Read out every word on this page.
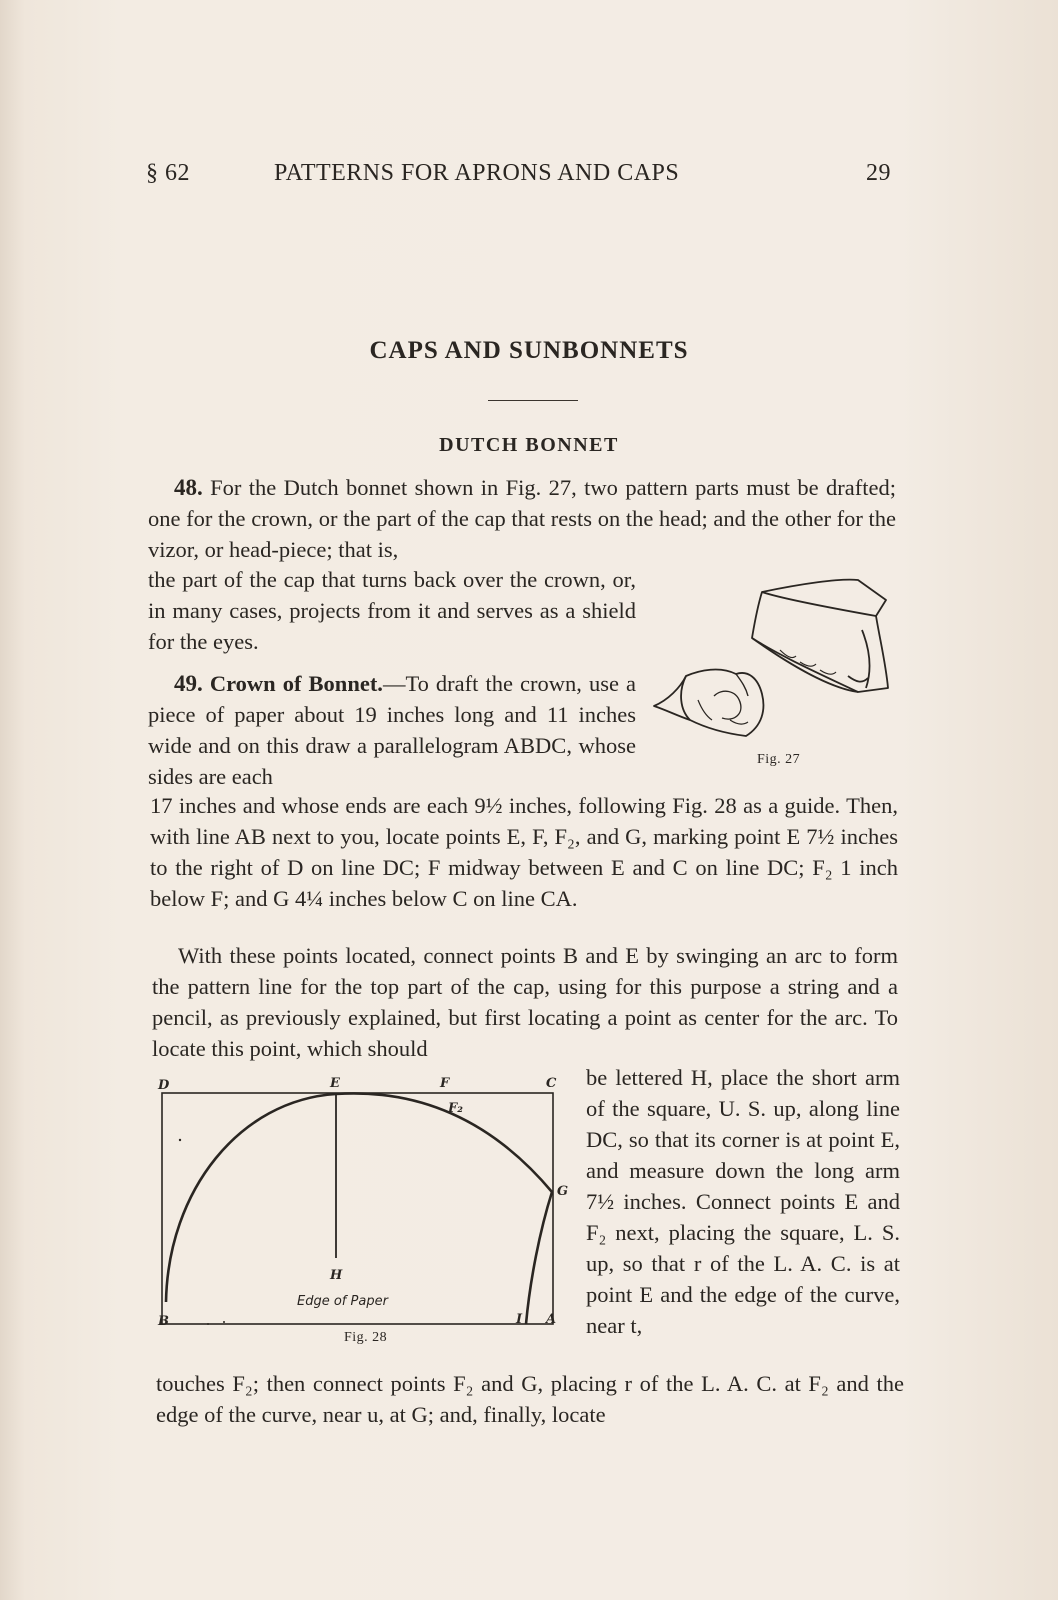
§ 62	PATTERNS FOR APRONS AND CAPS	29
CAPS AND SUNBONNETS
DUTCH BONNET
48. For the Dutch bonnet shown in Fig. 27, two pattern parts must be drafted; one for the crown, or the part of the cap that rests on the head; and the other for the vizor, or head-piece; that is,
the part of the cap that turns back over the crown, or, in many cases, projects from it and serves as a shield for the eyes.
49. Crown of Bonnet.—To draft the crown, use a piece of paper about 19 inches long and 11 inches wide and on this draw a parallelogram ABDC, whose sides are each
17 inches and whose ends are each 9½ inches, following Fig. 28 as a guide. Then, with line AB next to you, locate points E, F, F₂, and G, marking point E 7½ inches to the right of D on line DC; F midway between E and C on line DC; F₂ 1 inch below F; and G 4¼ inches below C on line CA.
With these points located, connect points B and E by swinging an arc to form the pattern line for the top part of the cap, using for this purpose a string and a pencil, as previously explained, but first locating a point as center for the arc. To locate this point, which should
be lettered H, place the short arm of the square, U. S. up, along line DC, so that its corner is at point E, and measure down the long arm 7½ inches. Connect points E and F₂ next, placing the square, L. S. up, so that r of the L. A. C. is at point E and the edge of the curve, near t,
touches F₂; then connect points F₂ and G, placing r of the L. A. C. at F₂ and the edge of the curve, near u, at G; and, finally, locate
Fig. 27
D	E	F	C
F₂
G
H
Edge of Paper
B	I A
Fig. 28
